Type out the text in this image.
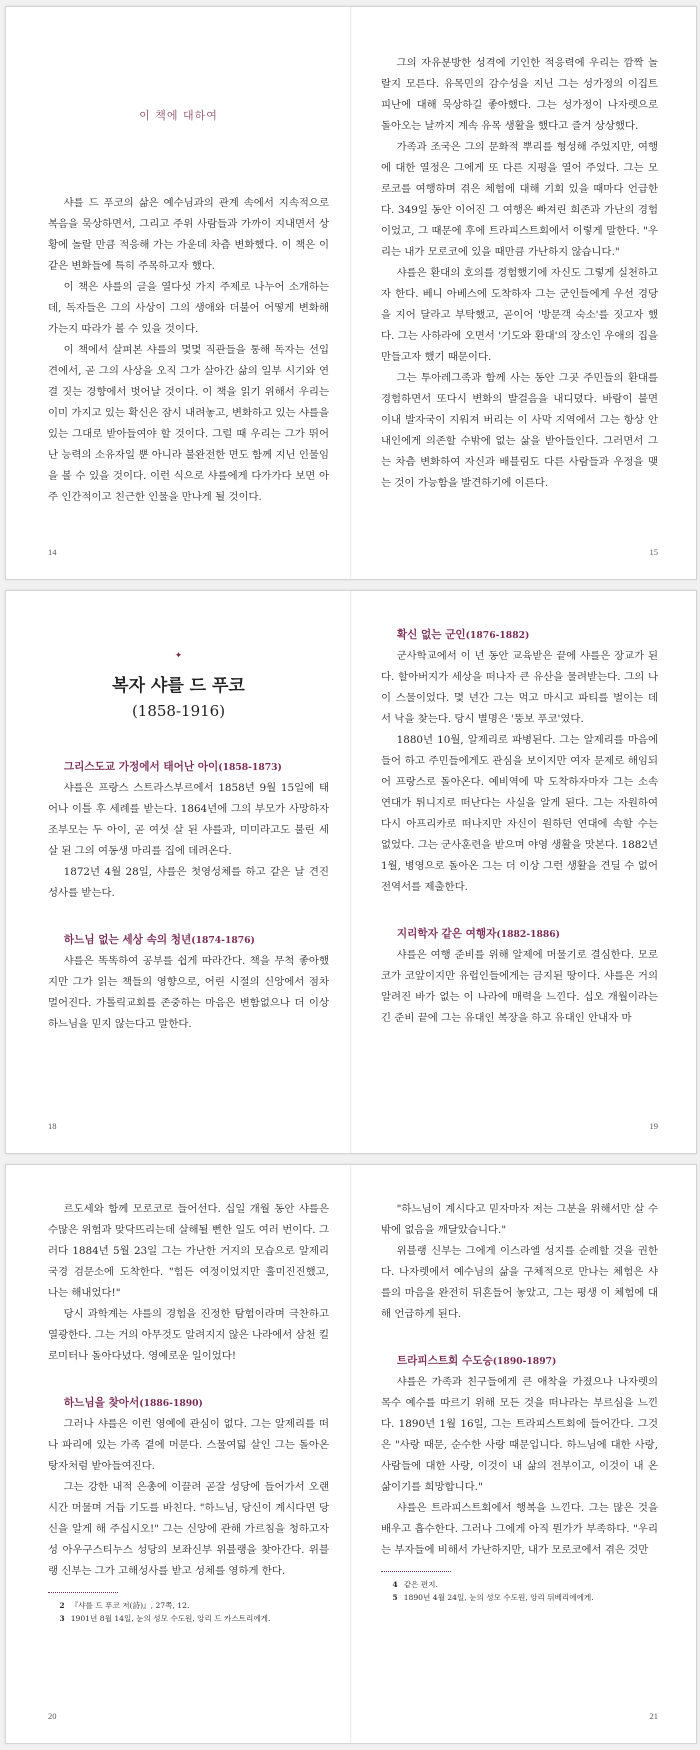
이 책에 대하여

샤를 드 푸코의 삶은 예수님과의 관계 속에서 지속적으로 복음을 묵상하면서, 그리고 주위 사람들과 가까이 지내면서 상황에 놀랄 만큼 적응해 가는 가운데 차츰 변화했다. 이 책은 이 같은 변화들에 특히 주목하고자 했다.

이 책은 샤를의 글을 열다섯 가지 주제로 나누어 소개하는데, 독자들은 그의 사상이 그의 생애와 더불어 어떻게 변화해 가는지 따라가 볼 수 있을 것이다.

이 책에서 살펴본 샤를의 몇몇 직관들을 통해 독자는 선입견에서, 곧 그의 사상을 오직 그가 살아간 삶의 일부 시기와 연결 짓는 경향에서 벗어날 것이다. 이 책을 읽기 위해서 우리는 이미 가지고 있는 확신은 잠시 내려놓고, 변화하고 있는 샤를을 있는 그대로 받아들여야 할 것이다. 그럴 때 우리는 그가 뛰어난 능력의 소유자일 뿐 아니라 불완전한 면도 함께 지닌 인물임을 볼 수 있을 것이다. 이런 식으로 샤를에게 다가가다 보면 아주 인간적이고 친근한 인물을 만나게 될 것이다.

14

그의 자유분방한 성격에 기인한 적응력에 우리는 깜짝 놀랄지 모른다. 유목민의 감수성을 지닌 그는 성가정의 이집트 피난에 대해 묵상하길 좋아했다. 그는 성가정이 나자렛으로 돌아오는 날까지 계속 유목 생활을 했다고 즐겨 상상했다.

가족과 조국은 그의 문화적 뿌리를 형성해 주었지만, 여행에 대한 열정은 그에게 또 다른 지평을 열어 주었다. 그는 모로코를 여행하며 겪은 체험에 대해 기회 있을 때마다 언급한다. 349일 동안 이어진 그 여행은 빠져린 희존과 가난의 경험이었고, 그 때문에 후에 트라피스트회에서 이렇게 말한다. "우리는 내가 모로코에 있을 때만큼 가난하지 않습니다."

샤를은 환대의 호의를 경험했기에 자신도 그렇게 실천하고자 한다. 베니 아베스에 도착하자 그는 군인들에게 우선 경당을 지어 달라고 부탁했고, 곧이어 '방문객 숙소'를 짓고자 했다. 그는 사하라에 오면서 '기도와 환대'의 장소인 우애의 집을 만들고자 했기 때문이다.

그는 투아레그족과 함께 사는 동안 그곳 주민들의 환대를 경험하면서 또다시 변화의 발걸음을 내디뎠다. 바람이 불면 이내 발자국이 지워져 버리는 이 사막 지역에서 그는 항상 안내인에게 의존할 수밖에 없는 삶을 받아들인다. 그러면서 그는 차츰 변화하여 자신과 배블림도 다른 사람들과 우정을 맺는 것이 가능함을 발견하기에 이른다.

15
✦
복자 샤를 드 푸코
(1858-1916)

그리스도교 가정에서 태어난 아이(1858-1873)

샤를은 프랑스 스트라스부르에서 1858년 9월 15일에 태어나 이틀 후 세례를 받는다. 1864년에 그의 부모가 사망하자 조부모는 두 아이, 곧 여섯 살 된 샤를과, 미미라고도 불린 세 살 된 그의 여동생 마리를 집에 데려온다.

1872년 4월 28일, 샤를은 첫영성체를 하고 같은 날 견진성사를 받는다.

하느님 없는 세상 속의 청년(1874-1876)

샤를은 똑똑하여 공부를 쉽게 따라간다. 책을 무척 좋아했지만 그가 읽는 책들의 영향으로, 어린 시절의 신앙에서 점차 멀어진다. 가톨릭교회를 존중하는 마음은 변함없으나 더 이상 하느님을 믿지 않는다고 말한다.

18

확신 없는 군인(1876-1882)

군사학교에서 이 년 동안 교육받은 끝에 샤를은 장교가 된다. 할아버지가 세상을 떠나자 큰 유산을 물려받는다. 그의 나이 스물이었다. 몇 년간 그는 먹고 마시고 파티를 벌이는 데 서 낙을 찾는다. 당시 별명은 '뚱보 푸코'였다.

1880년 10월, 알제리로 파병된다. 그는 알제리를 마음에 들어 하고 주민들에게도 관심을 보이지만 여자 문제로 해임되어 프랑스로 돌아온다. 예비역에 막 도착하자마자 그는 소속 연대가 튀니지로 떠난다는 사실을 알게 된다. 그는 자원하여 다시 아프리카로 떠나지만 자신이 원하던 연대에 속할 수는 없었다. 그는 군사훈련을 받으며 야영 생활을 맛본다. 1882년 1월, 병영으로 돌아온 그는 더 이상 그런 생활을 견딜 수 없어 전역서를 제출한다.

지리학자 같은 여행자(1882-1886)

샤를은 여행 준비를 위해 알제에 머물기로 결심한다. 모로코가 코앞이지만 유럽인들에게는 금지된 땅이다. 샤를은 거의 알려진 바가 없는 이 나라에 매력을 느낀다. 십오 개월이라는 긴 준비 끝에 그는 유대인 복장을 하고 유대인 안내자 마

19

르도세와 함께 모로코로 들어선다. 십일 개월 동안 샤를은 수많은 위험과 맞닥뜨리는데 살해될 뻔한 일도 여러 번이다. 그러다 1884년 5월 23일 그는 가난한 거지의 모습으로 알제리 국경 검문소에 도착한다. "힘든 여정이었지만 훌미진진했고, 나는 해내었다!"

당시 과학계는 샤를의 경험을 진정한 탐험이라며 극찬하고 열광한다. 그는 거의 아무것도 알려지지 않은 나라에서 삼천 킬로미터나 돌아다녔다. 영예로운 일이었다!

하느님을 찾아서(1886-1890)

그러나 샤를은 이런 영예에 관심이 없다. 그는 알제리를 떠나 파리에 있는 가족 곁에 머문다. 스물여덟 살인 그는 돌아온 탕자처럼 받아들여진다.

그는 강한 내적 은총에 이끌려 곧잘 성당에 들어가서 오랜 시간 머물며 거듭 기도를 바친다. "하느님, 당신이 계시다면 당신을 알게 해 주십시오!" 그는 신앙에 관해 가르침을 청하고자 성 아우구스티누스 성당의 보좌신부 위블랭을 찾아간다. 위블랭 신부는 그가 고해성사를 받고 성체를 영하게 한다.

2 『샤를 드 푸코 저(詩)』, 27쪽, 12.

3 1901년 8월 14일, 눈의 성모 수도원, 앙리 드 카스트리에게.

20

"하느님이 계시다고 믿자마자 저는 그분을 위해서만 살 수밖에 없음을 깨달았습니다."

위블랭 신부는 그에게 이스라엘 성지를 순례할 것을 권한다. 나자렛에서 예수님의 삶을 구체적으로 만나는 체험은 샤를의 마음을 완전히 뒤흔들어 놓았고, 그는 평생 이 체험에 대해 언급하게 된다.

트라피스트회 수도승(1890-1897)

샤를은 가족과 친구들에게 큰 애착을 가졌으나 나자렛의 목수 예수를 따르기 위해 모든 것을 떠나라는 부르심을 느낀다. 1890년 1월 16일, 그는 트라피스트회에 들어간다. 그것은 "사랑 때문, 순수한 사랑 때문입니다. 하느님에 대한 사랑, 사람들에 대한 사랑, 이것이 내 삶의 전부이고, 이것이 내 온 삶이기를 희망합니다."

샤를은 트라피스트회에서 행복을 느낀다. 그는 많은 것을 배우고 흡수한다. 그러나 그에게 아직 뭔가가 부족하다. "우리는 부자들에 비해서 가난하지만, 내가 모로코에서 겪은 것만

4 같은 편지.

5 1890년 4월 24일, 눈의 성모 수도원, 앙리 뒤베리에에게.

21
